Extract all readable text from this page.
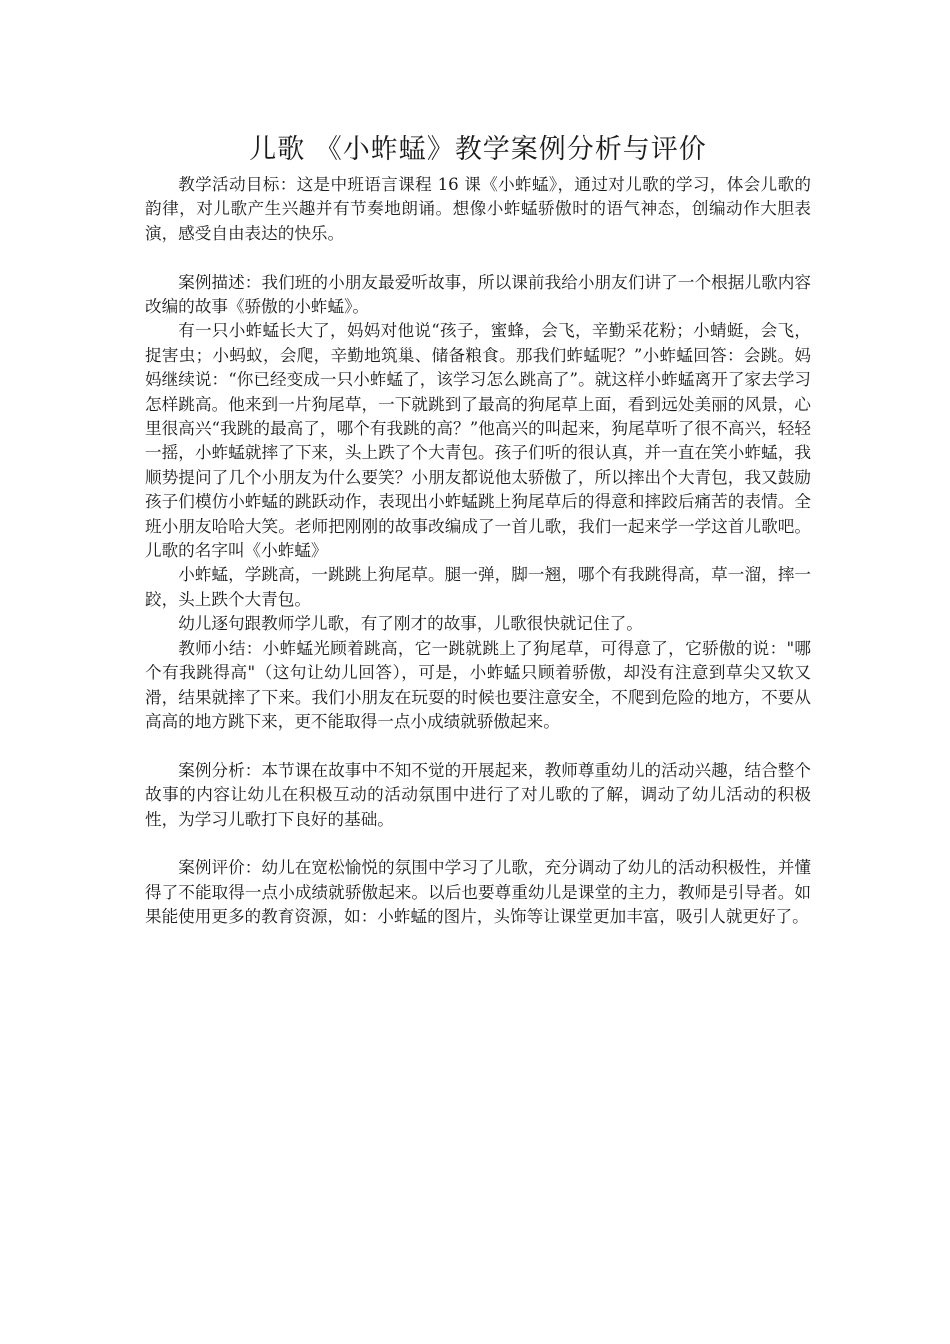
儿歌 《小蚱蜢》教学案例分析与评价

教学活动目标：这是中班语言课程 16 课《小蚱蜢》，通过对儿歌的学习，体会儿歌的韵律，对儿歌产生兴趣并有节奏地朗诵。想像小蚱蜢骄傲时的语气神态，创编动作大胆表演，感受自由表达的快乐。

案例描述：我们班的小朋友最爱听故事，所以课前我给小朋友们讲了一个根据儿歌内容改编的故事《骄傲的小蚱蜢》。

有一只小蚱蜢长大了，妈妈对他说“孩子，蜜蜂，会飞，辛勤采花粉；小蜻蜓，会飞，捉害虫；小蚂蚁，会爬，辛勤地筑巢、储备粮食。那我们蚱蜢呢？”小蚱蜢回答：会跳。妈妈继续说：“你已经变成一只小蚱蜢了，该学习怎么跳高了”。就这样小蚱蜢离开了家去学习怎样跳高。他来到一片狗尾草，一下就跳到了最高的狗尾草上面，看到远处美丽的风景，心里很高兴“我跳的最高了，哪个有我跳的高？”他高兴的叫起来，狗尾草听了很不高兴，轻轻一摇，小蚱蜢就摔了下来，头上跌了个大青包。孩子们听的很认真，并一直在笑小蚱蜢，我顺势提问了几个小朋友为什么要笑？小朋友都说他太骄傲了，所以摔出个大青包，我又鼓励孩子们模仿小蚱蜢的跳跃动作，表现出小蚱蜢跳上狗尾草后的得意和摔跤后痛苦的表情。全班小朋友哈哈大笑。老师把刚刚的故事改编成了一首儿歌，我们一起来学一学这首儿歌吧。儿歌的名字叫《小蚱蜢》

小蚱蜢，学跳高，一跳跳上狗尾草。腿一弹，脚一翘，哪个有我跳得高，草一溜，摔一跤，头上跌个大青包。

幼儿逐句跟教师学儿歌，有了刚才的故事，儿歌很快就记住了。

教师小结：小蚱蜢光顾着跳高，它一跳就跳上了狗尾草，可得意了，它骄傲的说："哪个有我跳得高"（这句让幼儿回答），可是，小蚱蜢只顾着骄傲，却没有注意到草尖又软又滑，结果就摔了下来。我们小朋友在玩耍的时候也要注意安全，不爬到危险的地方，不要从高高的地方跳下来，更不能取得一点小成绩就骄傲起来。

案例分析：本节课在故事中不知不觉的开展起来，教师尊重幼儿的活动兴趣，结合整个故事的内容让幼儿在积极互动的活动氛围中进行了对儿歌的了解，调动了幼儿活动的积极性，为学习儿歌打下良好的基础。

案例评价：幼儿在宽松愉悦的氛围中学习了儿歌，充分调动了幼儿的活动积极性，并懂得了不能取得一点小成绩就骄傲起来。以后也要尊重幼儿是课堂的主力，教师是引导者。如果能使用更多的教育资源，如：小蚱蜢的图片，头饰等让课堂更加丰富，吸引人就更好了。
